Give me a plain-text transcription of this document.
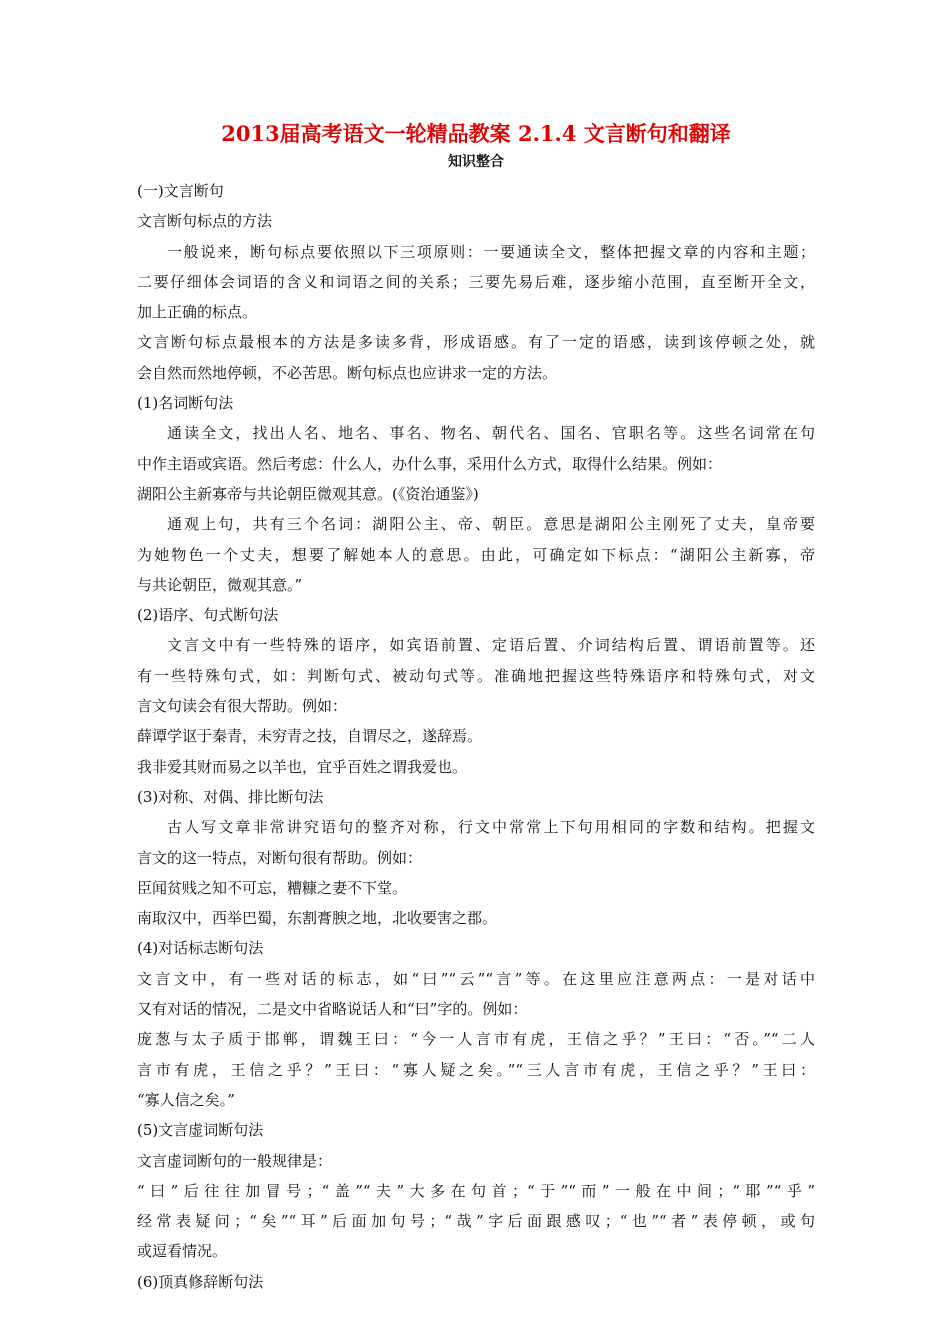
2013届高考语文一轮精品教案 2.1.4 文言断句和翻译
知识整合

(一)文言断句

文言断句标点的方法

一般说来，断句标点要依照以下三项原则：一要通读全文，整体把握文章的内容和主题；

二要仔细体会词语的含义和词语之间的关系；三要先易后难，逐步缩小范围，直至断开全文，

加上正确的标点。

文言断句标点最根本的方法是多读多背，形成语感。有了一定的语感，读到该停顿之处，就

会自然而然地停顿，不必苦思。断句标点也应讲求一定的方法。

(1)名词断句法

通读全文，找出人名、地名、事名、物名、朝代名、国名、官职名等。这些名词常在句

中作主语或宾语。然后考虑：什么人，办什么事，采用什么方式，取得什么结果。例如：

湖阳公主新寡帝与共论朝臣微观其意。(《资治通鉴》)

通观上句，共有三个名词：湖阳公主、帝、朝臣。意思是湖阳公主刚死了丈夫，皇帝要

为她物色一个丈夫，想要了解她本人的意思。由此，可确定如下标点：“湖阳公主新寡，帝

与共论朝臣，微观其意。”

(2)语序、句式断句法

文言文中有一些特殊的语序，如宾语前置、定语后置、介词结构后置、谓语前置等。还

有一些特殊句式，如：判断句式、被动句式等。准确地把握这些特殊语序和特殊句式，对文

言文句读会有很大帮助。例如：

薛谭学讴于秦青，未穷青之技，自谓尽之，遂辞焉。

我非爱其财而易之以羊也，宜乎百姓之谓我爱也。

(3)对称、对偶、排比断句法

古人写文章非常讲究语句的整齐对称，行文中常常上下句用相同的字数和结构。把握文

言文的这一特点，对断句很有帮助。例如：

臣闻贫贱之知不可忘，糟糠之妻不下堂。

南取汉中，西举巴蜀，东割膏腴之地，北收要害之郡。

(4)对话标志断句法

文言文中，有一些对话的标志，如“曰”“云”“言”等。在这里应注意两点：一是对话中

又有对话的情况，二是文中省略说话人和“曰”字的。例如：

庞葱与太子质于邯郸，谓魏王曰：“今一人言市有虎，王信之乎？”王曰：“否。”“二人

言市有虎，王信之乎？”王曰：“寡人疑之矣。”“三人言市有虎，王信之乎？”王曰：

“寡人信之矣。”

(5)文言虚词断句法

文言虚词断句的一般规律是：

“曰”后往往加冒号；“盖”“夫”大多在句首；“于”“而”一般在中间；“耶”“乎”

经常表疑问；“矣”“耳”后面加句号；“哉”字后面跟感叹；“也”“者”表停顿，或句

或逗看情况。

(6)顶真修辞断句法
